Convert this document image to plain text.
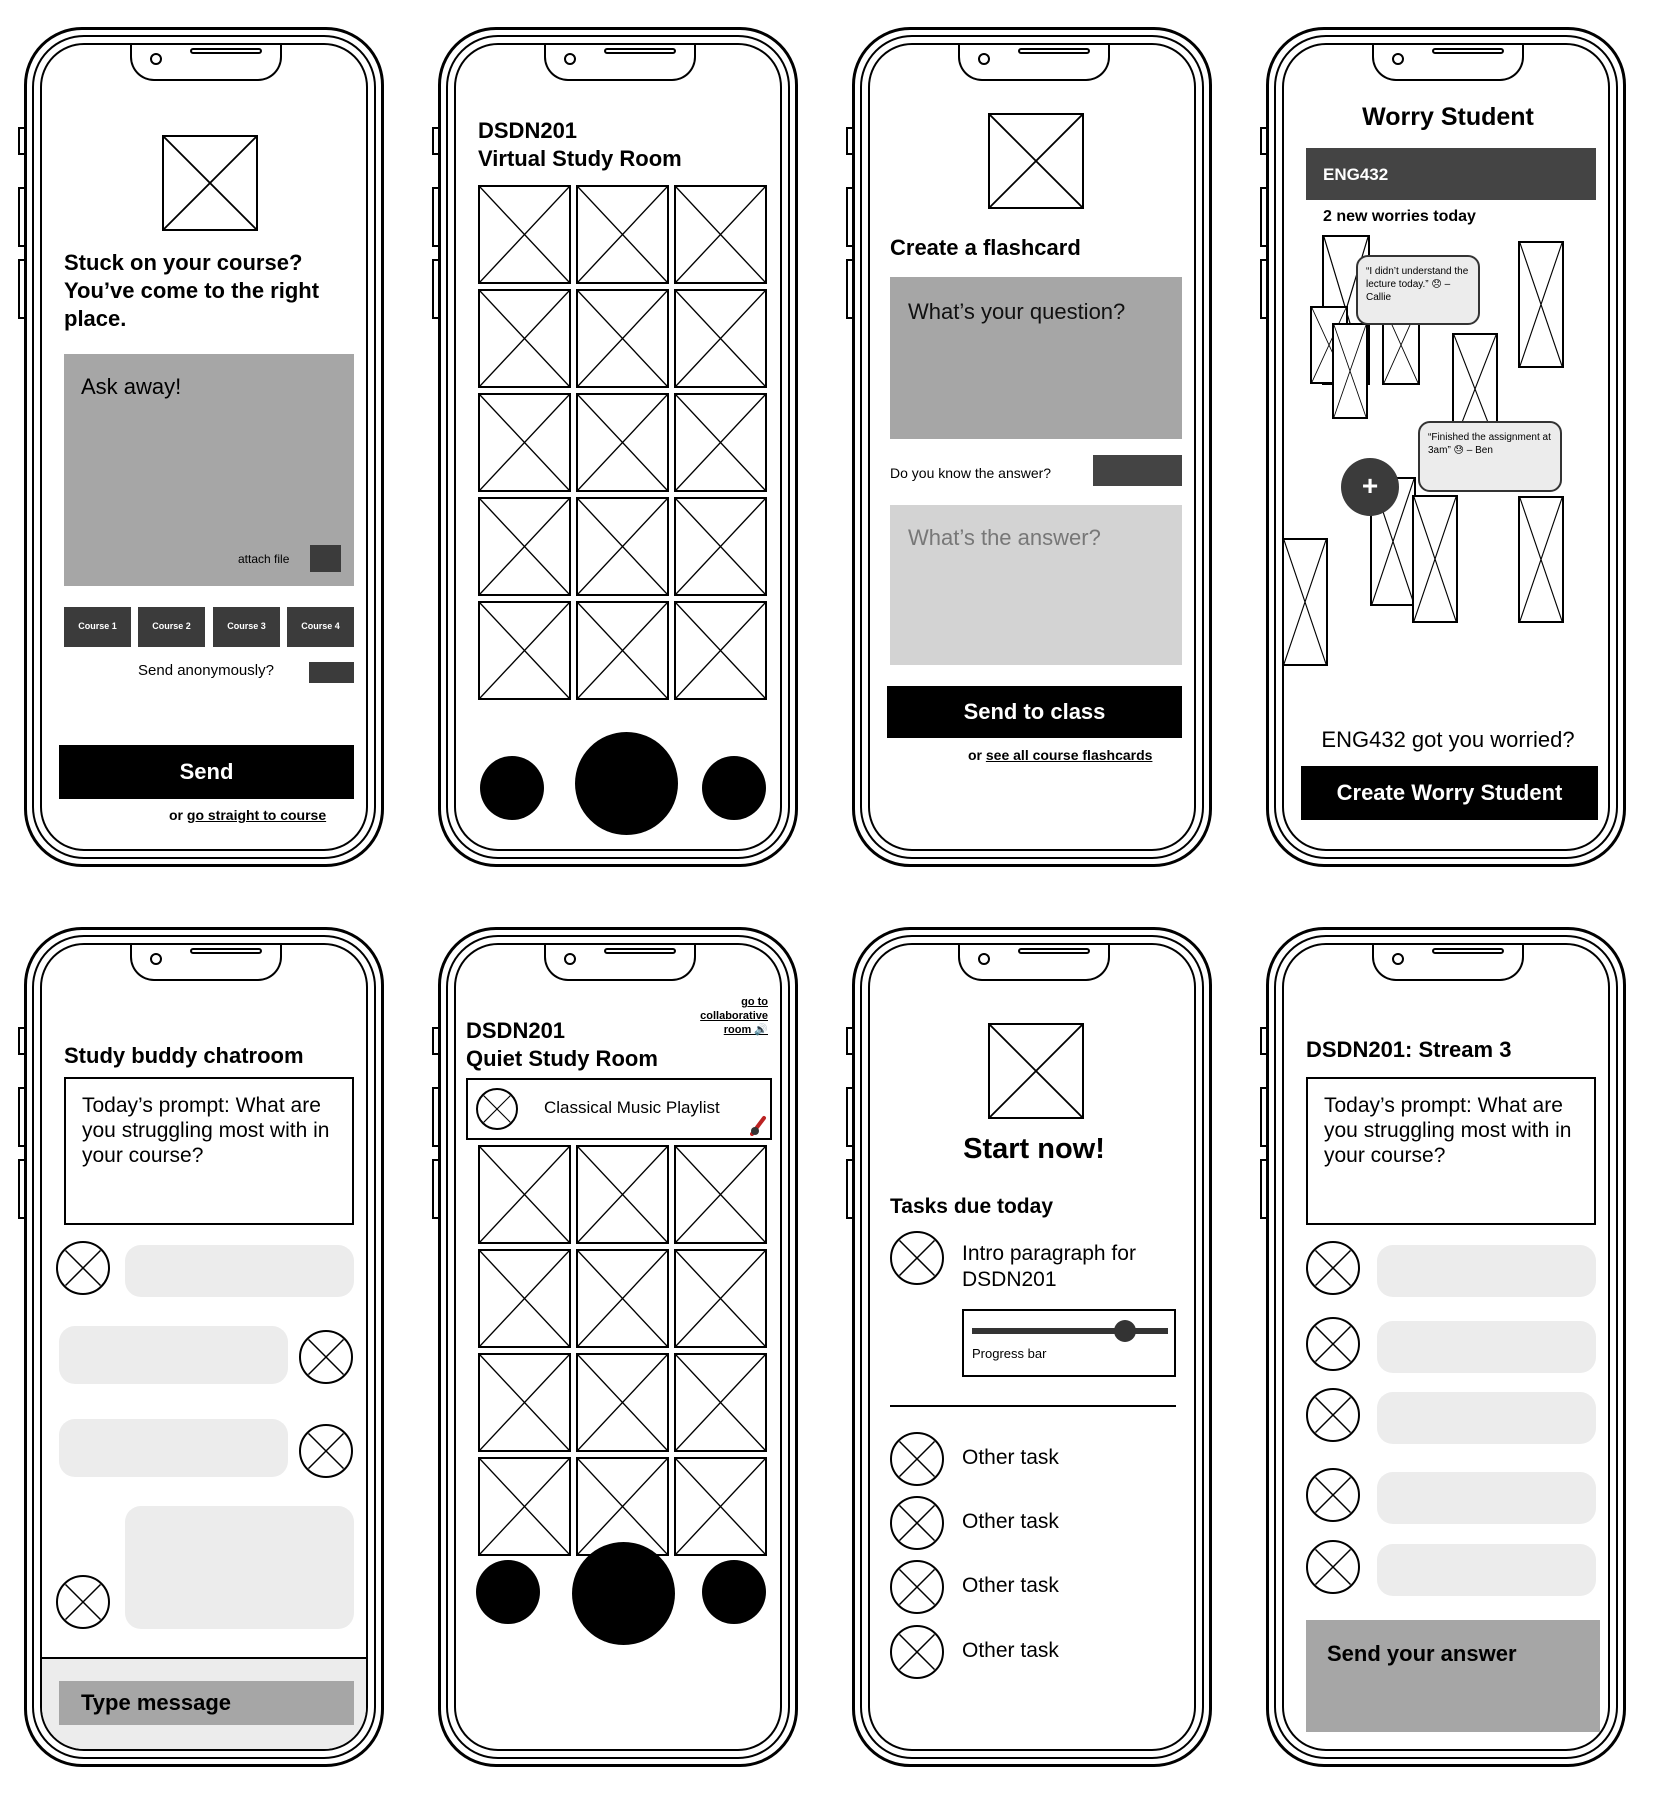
Stuck on your course? You’ve come to the right place.
Ask away!
attach file
Course 1	Course 2	Course 3	Course 4
Send anonymously?
Send
or go straight to course
DSDN201
Virtual Study Room
Create a flashcard
What’s your question?
Do you know the answer?
What’s the answer?
Send to class
or see all course flashcards
Worry Student
ENG432
2 new worries today
“I didn’t understand the lecture today.” 😞 – Callie
“Finished the assignment at 3am” 😓 – Ben
+
ENG432 got you worried?
Create Worry Student
Study buddy chatroom
Today’s prompt: What are you struggling most with in your course?
Type message
go to collaborative room 🔊
DSDN201
Quiet Study Room
Classical Music Playlist
Start now!
Tasks due today
Intro paragraph for DSDN201
Progress bar
Other task
Other task
Other task
Other task
DSDN201: Stream 3
Today’s prompt: What are you struggling most with in your course?
Send your answer
